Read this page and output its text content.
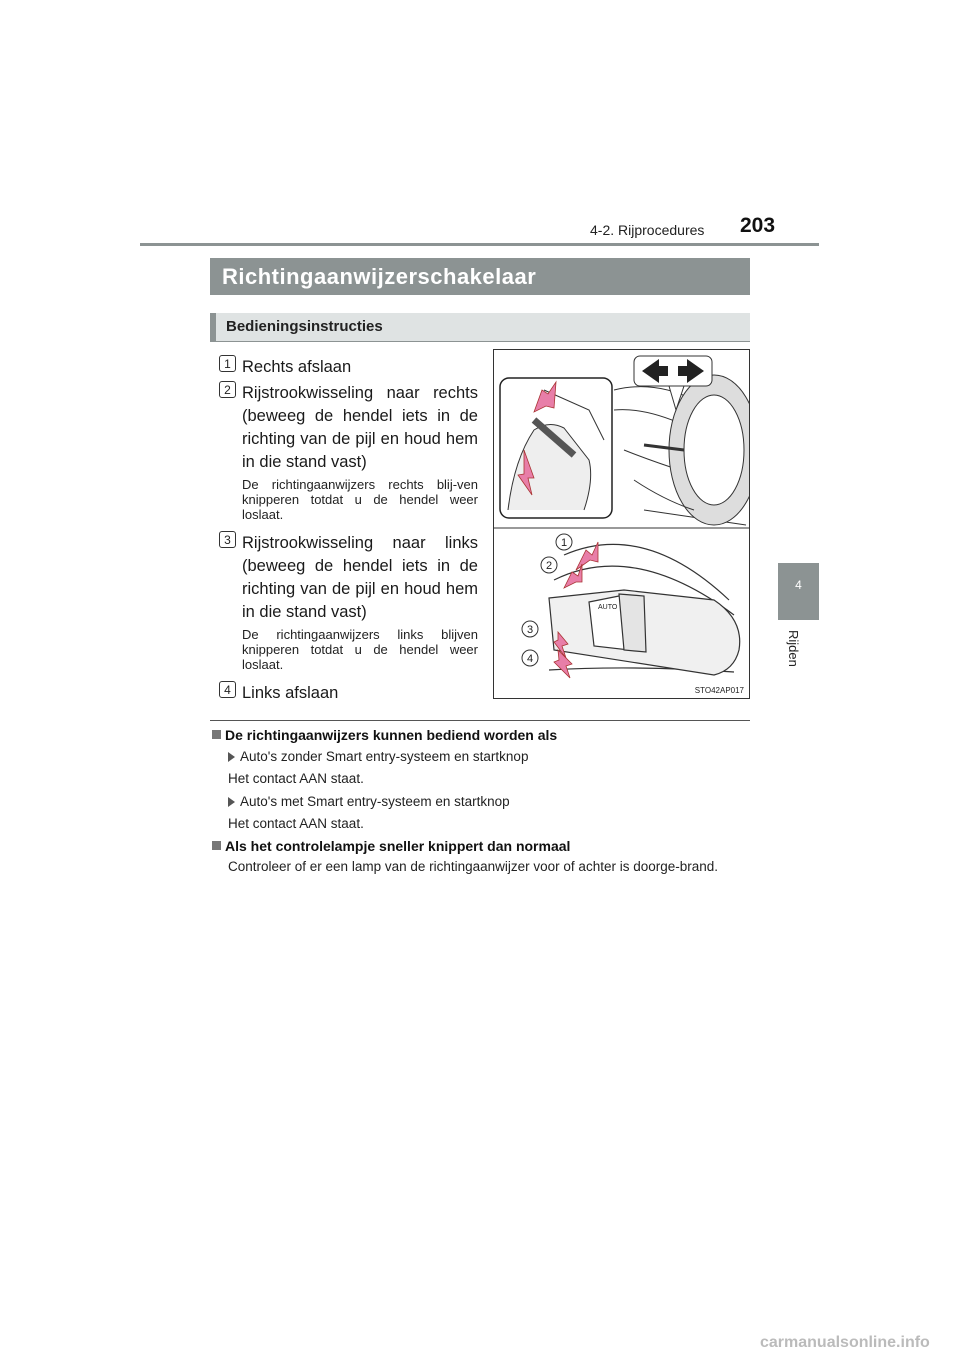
4-2. Rijprocedures 203
4
Rijden
Richtingaanwijzerschakelaar
Bedieningsinstructies
1 Rechts afslaan
2 Rijstrookwisseling naar rechts (beweeg de hendel iets in de richting van de pijl en houd hem in die stand vast)
De richtingaanwijzers rechts blij-ven knipperen totdat u de hendel weer loslaat.
3 Rijstrookwisseling naar links (beweeg de hendel iets in de richting van de pijl en houd hem in die stand vast)
De richtingaanwijzers links blijven knipperen totdat u de hendel weer loslaat.
4 Links afslaan
AUTO
1
2
3
4
STO42AP017
De richtingaanwijzers kunnen bediend worden als
Auto's zonder Smart entry-systeem en startknop
Het contact AAN staat.
Auto's met Smart entry-systeem en startknop
Het contact AAN staat.
Als het controlelampje sneller knippert dan normaal
Controleer of er een lamp van de richtingaanwijzer voor of achter is doorge-brand.
carmanualsonline.info
